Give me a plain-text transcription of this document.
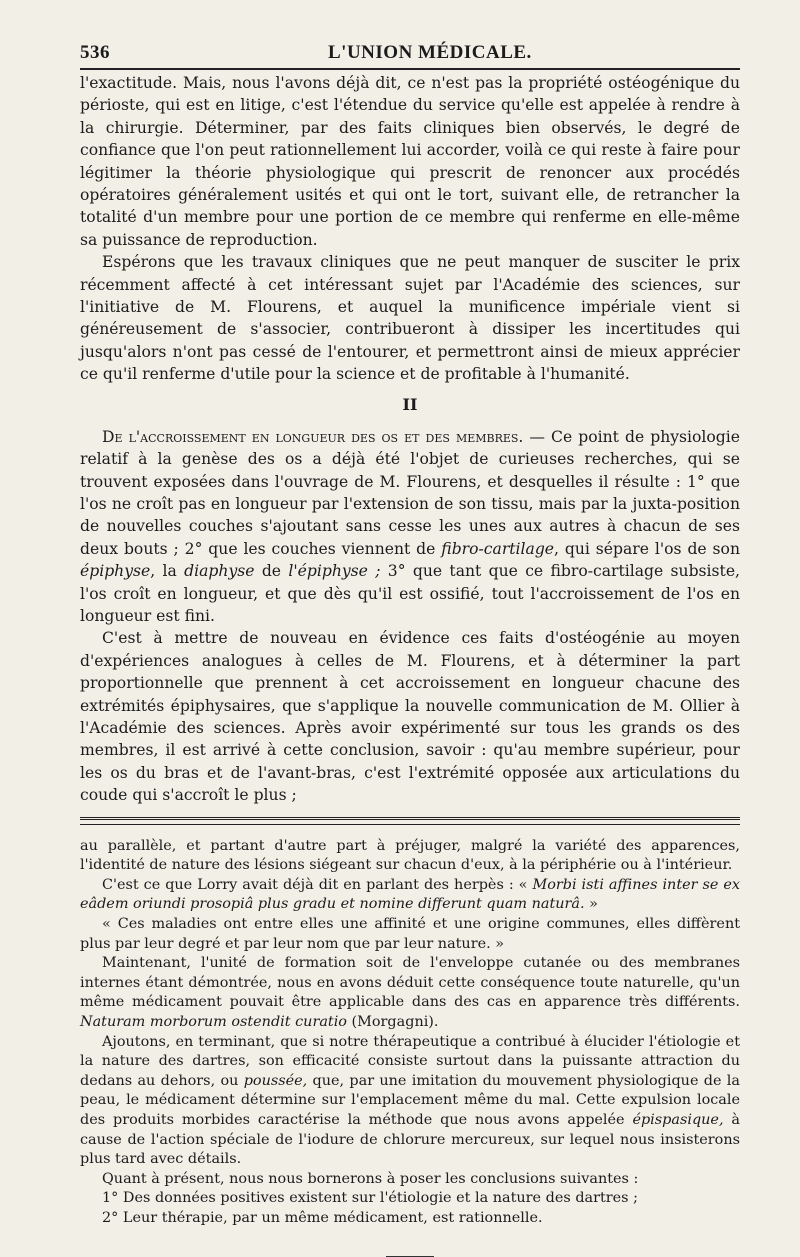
536	L'UNION MÉDICALE.

l'exactitude. Mais, nous l'avons déjà dit, ce n'est pas la propriété ostéogénique du périoste, qui est en litige, c'est l'étendue du service qu'elle est appelée à rendre à la chirurgie. Déterminer, par des faits cliniques bien observés, le degré de confiance que l'on peut rationnellement lui accorder, voilà ce qui reste à faire pour légitimer la théorie physiologique qui prescrit de renoncer aux procédés opératoires généralement usités et qui ont le tort, suivant elle, de retrancher la totalité d'un membre pour une portion de ce membre qui renferme en elle-même sa puissance de reproduction.

Espérons que les travaux cliniques que ne peut manquer de susciter le prix récemment affecté à cet intéressant sujet par l'Académie des sciences, sur l'initiative de M. Flourens, et auquel la munificence impériale vient si généreusement de s'associer, contribueront à dissiper les incertitudes qui jusqu'alors n'ont pas cessé de l'entourer, et permettront ainsi de mieux apprécier ce qu'il renferme d'utile pour la science et de profitable à l'humanité.

II

De l'accroissement en longueur des os et des membres. — Ce point de physiologie relatif à la genèse des os a déjà été l'objet de curieuses recherches, qui se trouvent exposées dans l'ouvrage de M. Flourens, et desquelles il résulte : 1° que l'os ne croît pas en longueur par l'extension de son tissu, mais par la juxta-position de nouvelles couches s'ajoutant sans cesse les unes aux autres à chacun de ses deux bouts ; 2° que les couches viennent de fibro-cartilage, qui sépare l'os de son épiphyse, la diaphyse de l'épiphyse ; 3° que tant que ce fibro-cartilage subsiste, l'os croît en longueur, et que dès qu'il est ossifié, tout l'accroissement de l'os en longueur est fini.

C'est à mettre de nouveau en évidence ces faits d'ostéogénie au moyen d'expériences analogues à celles de M. Flourens, et à déterminer la part proportionnelle que prennent à cet accroissement en longueur chacune des extrémités épiphysaires, que s'applique la nouvelle communication de M. Ollier à l'Académie des sciences. Après avoir expérimenté sur tous les grands os des membres, il est arrivé à cette conclusion, savoir : qu'au membre supérieur, pour les os du bras et de l'avant-bras, c'est l'extrémité opposée aux articulations du coude qui s'accroît le plus ;

au parallèle, et partant d'autre part à préjuger, malgré la variété des apparences, l'identité de nature des lésions siégeant sur chacun d'eux, à la périphérie ou à l'intérieur.

C'est ce que Lorry avait déjà dit en parlant des herpès : « Morbi isti affines inter se ex eâdem oriundi prosopiâ plus gradu et nomine differunt quam naturâ. »

« Ces maladies ont entre elles une affinité et une origine communes, elles diffèrent plus par leur degré et par leur nom que par leur nature. »

Maintenant, l'unité de formation soit de l'enveloppe cutanée ou des membranes internes étant démontrée, nous en avons déduit cette conséquence toute naturelle, qu'un même médicament pouvait être applicable dans des cas en apparence très différents. Naturam morborum ostendit curatio (Morgagni).

Ajoutons, en terminant, que si notre thérapeutique a contribué à élucider l'étiologie et la nature des dartres, son efficacité consiste surtout dans la puissante attraction du dedans au dehors, ou poussée, que, par une imitation du mouvement physiologique de la peau, le médicament détermine sur l'emplacement même du mal. Cette expulsion locale des produits morbides caractérise la méthode que nous avons appelée épispasique, à cause de l'action spéciale de l'iodure de chlorure mercureux, sur lequel nous insisterons plus tard avec détails.

Quant à présent, nous nous bornerons à poser les conclusions suivantes :

1° Des données positives existent sur l'étiologie et la nature des dartres ;
2° Leur thérapie, par un même médicament, est rationnelle.
